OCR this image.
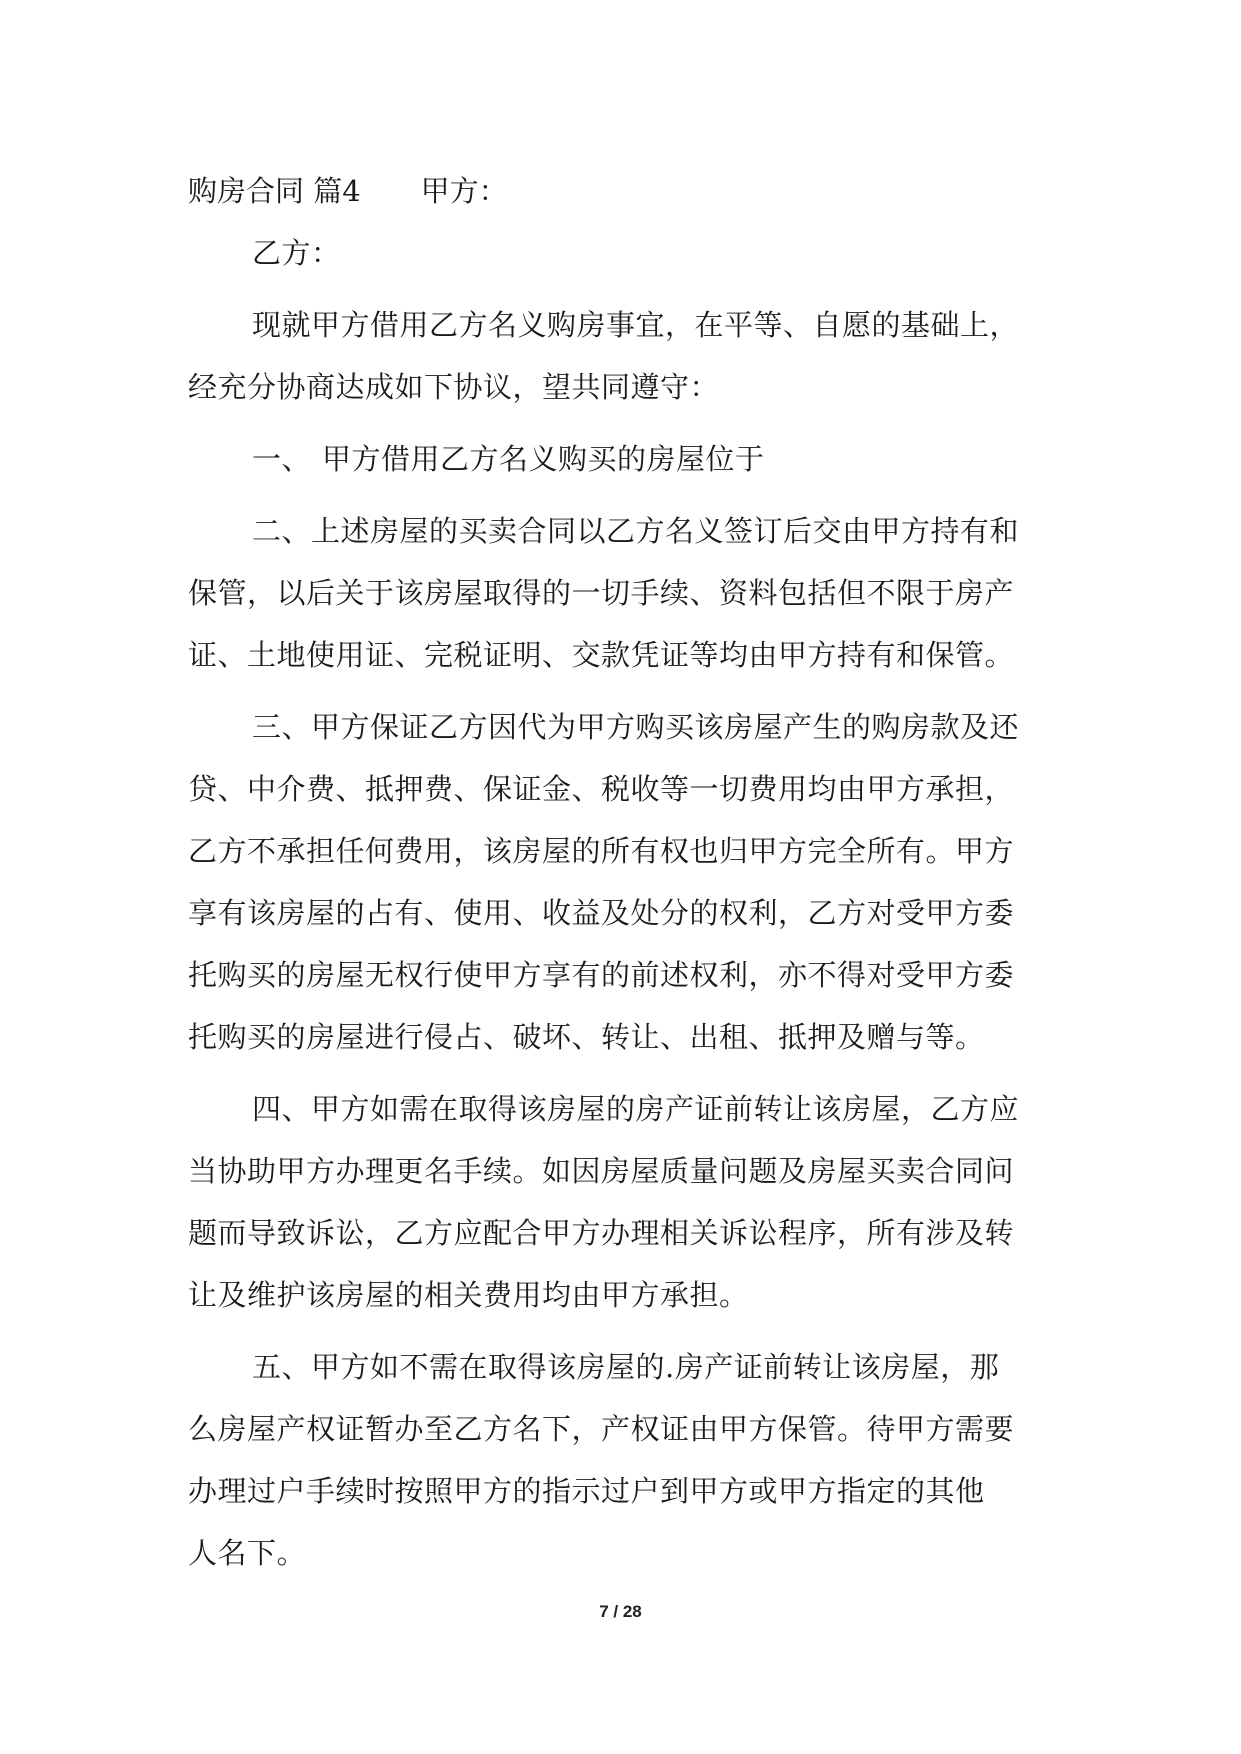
购房合同 篇4 甲方：
乙方：
现就甲方借用乙方名义购房事宜，在平等、自愿的基础上，
经充分协商达成如下协议，望共同遵守：
一、 甲方借用乙方名义购买的房屋位于
二、上述房屋的买卖合同以乙方名义签订后交由甲方持有和
保管，以后关于该房屋取得的一切手续、资料包括但不限于房产
证、土地使用证、完税证明、交款凭证等均由甲方持有和保管。
三、甲方保证乙方因代为甲方购买该房屋产生的购房款及还
贷、中介费、抵押费、保证金、税收等一切费用均由甲方承担，
乙方不承担任何费用，该房屋的所有权也归甲方完全所有。甲方
享有该房屋的占有、使用、收益及处分的权利，乙方对受甲方委
托购买的房屋无权行使甲方享有的前述权利，亦不得对受甲方委
托购买的房屋进行侵占、破坏、转让、出租、抵押及赠与等。
四、甲方如需在取得该房屋的房产证前转让该房屋，乙方应
当协助甲方办理更名手续。如因房屋质量问题及房屋买卖合同问
题而导致诉讼，乙方应配合甲方办理相关诉讼程序，所有涉及转
让及维护该房屋的相关费用均由甲方承担。
五、甲方如不需在取得该房屋的.房产证前转让该房屋，那
么房屋产权证暂办至乙方名下，产权证由甲方保管。待甲方需要
办理过户手续时按照甲方的指示过户到甲方或甲方指定的其他
人名下。
7 / 28
